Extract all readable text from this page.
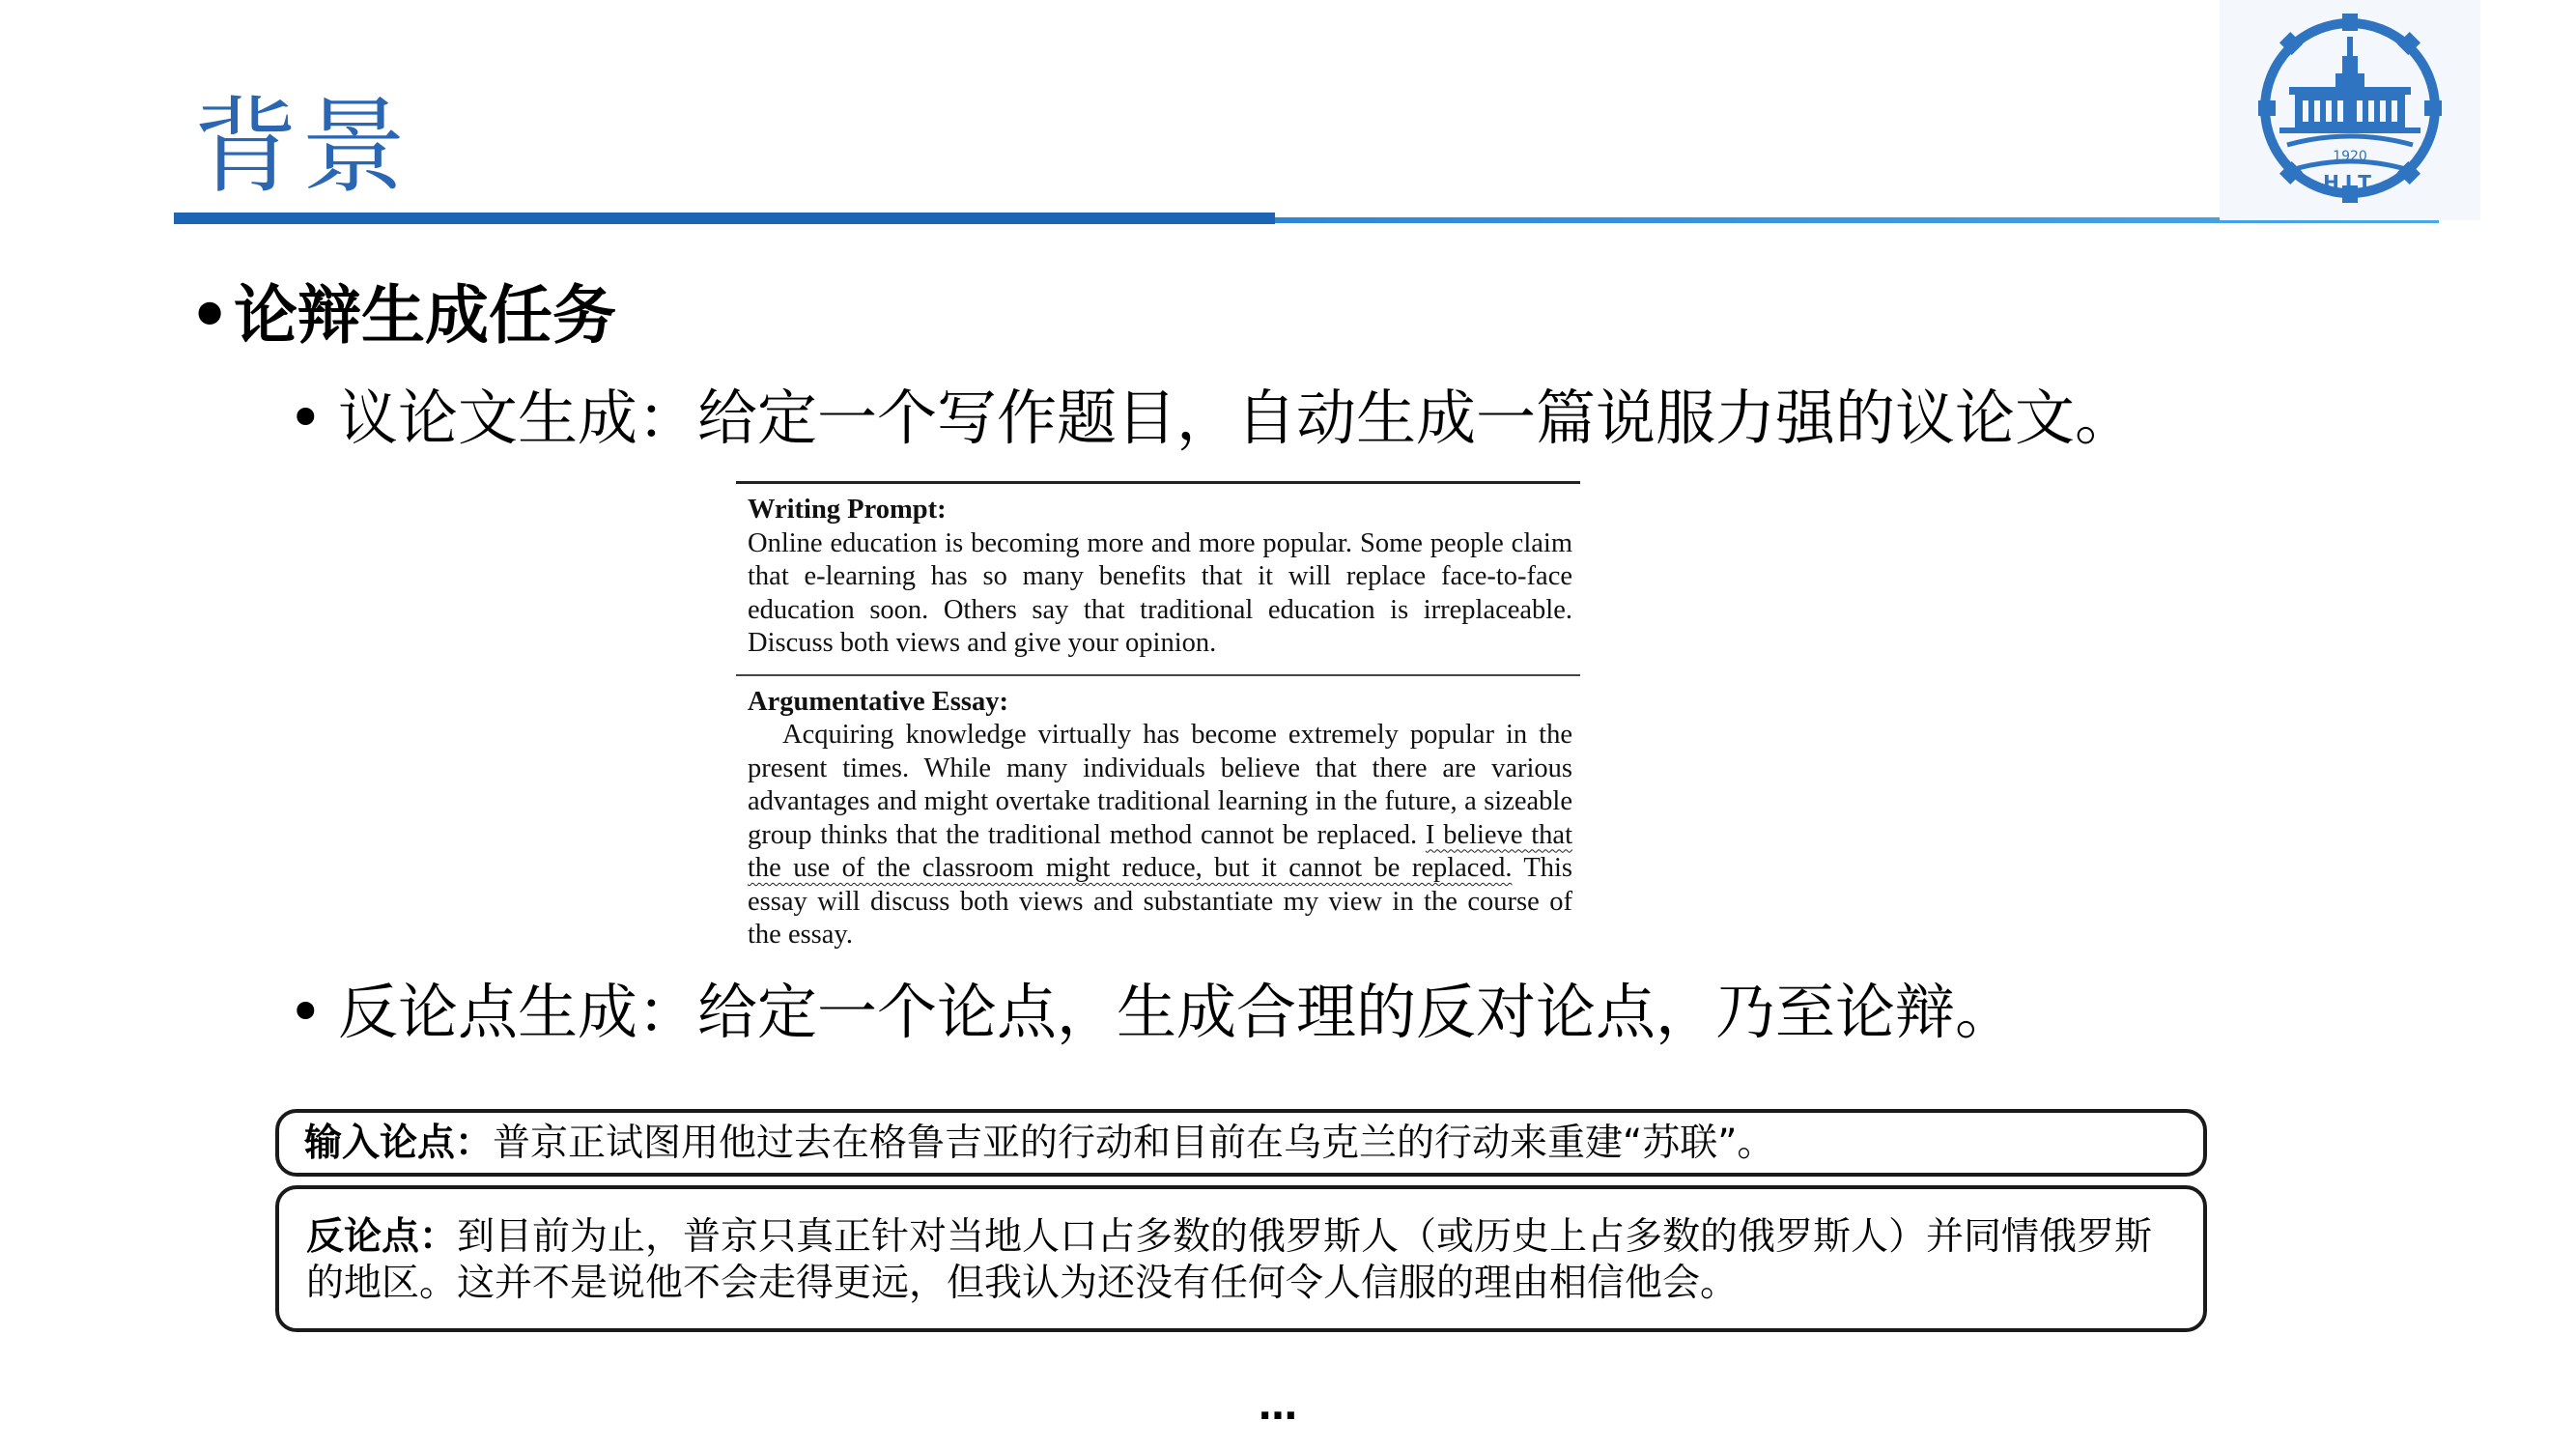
背景	1920
HIT
•论辩生成任务
• 议论文生成：给定一个写作题目，自动生成一篇说服力强的议论文。
Writing Prompt:
Online education is becoming more and more popular. Some people claim that e-learning has so many benefits that it will replace face-to-face education soon. Others say that traditional education is irreplaceable. Discuss both views and give your opinion.
Argumentative Essay:
Acquiring knowledge virtually has become extremely popular in the present times. While many individuals believe that there are various advantages and might overtake traditional learning in the future, a sizeable group thinks that the traditional method cannot be replaced. I believe that the use of the classroom might reduce, but it cannot be replaced. This essay will discuss both views and substantiate my view in the course of the essay.
• 反论点生成：给定一个论点，生成合理的反对论点，乃至论辩。
输入论点：普京正试图用他过去在格鲁吉亚的行动和目前在乌克兰的行动来重建“苏联”。
反论点：到目前为止，普京只真正针对当地人口占多数的俄罗斯人（或历史上占多数的俄罗斯人）并同情俄罗斯的地区。这并不是说他不会走得更远，但我认为还没有任何令人信服的理由相信他会。
…
